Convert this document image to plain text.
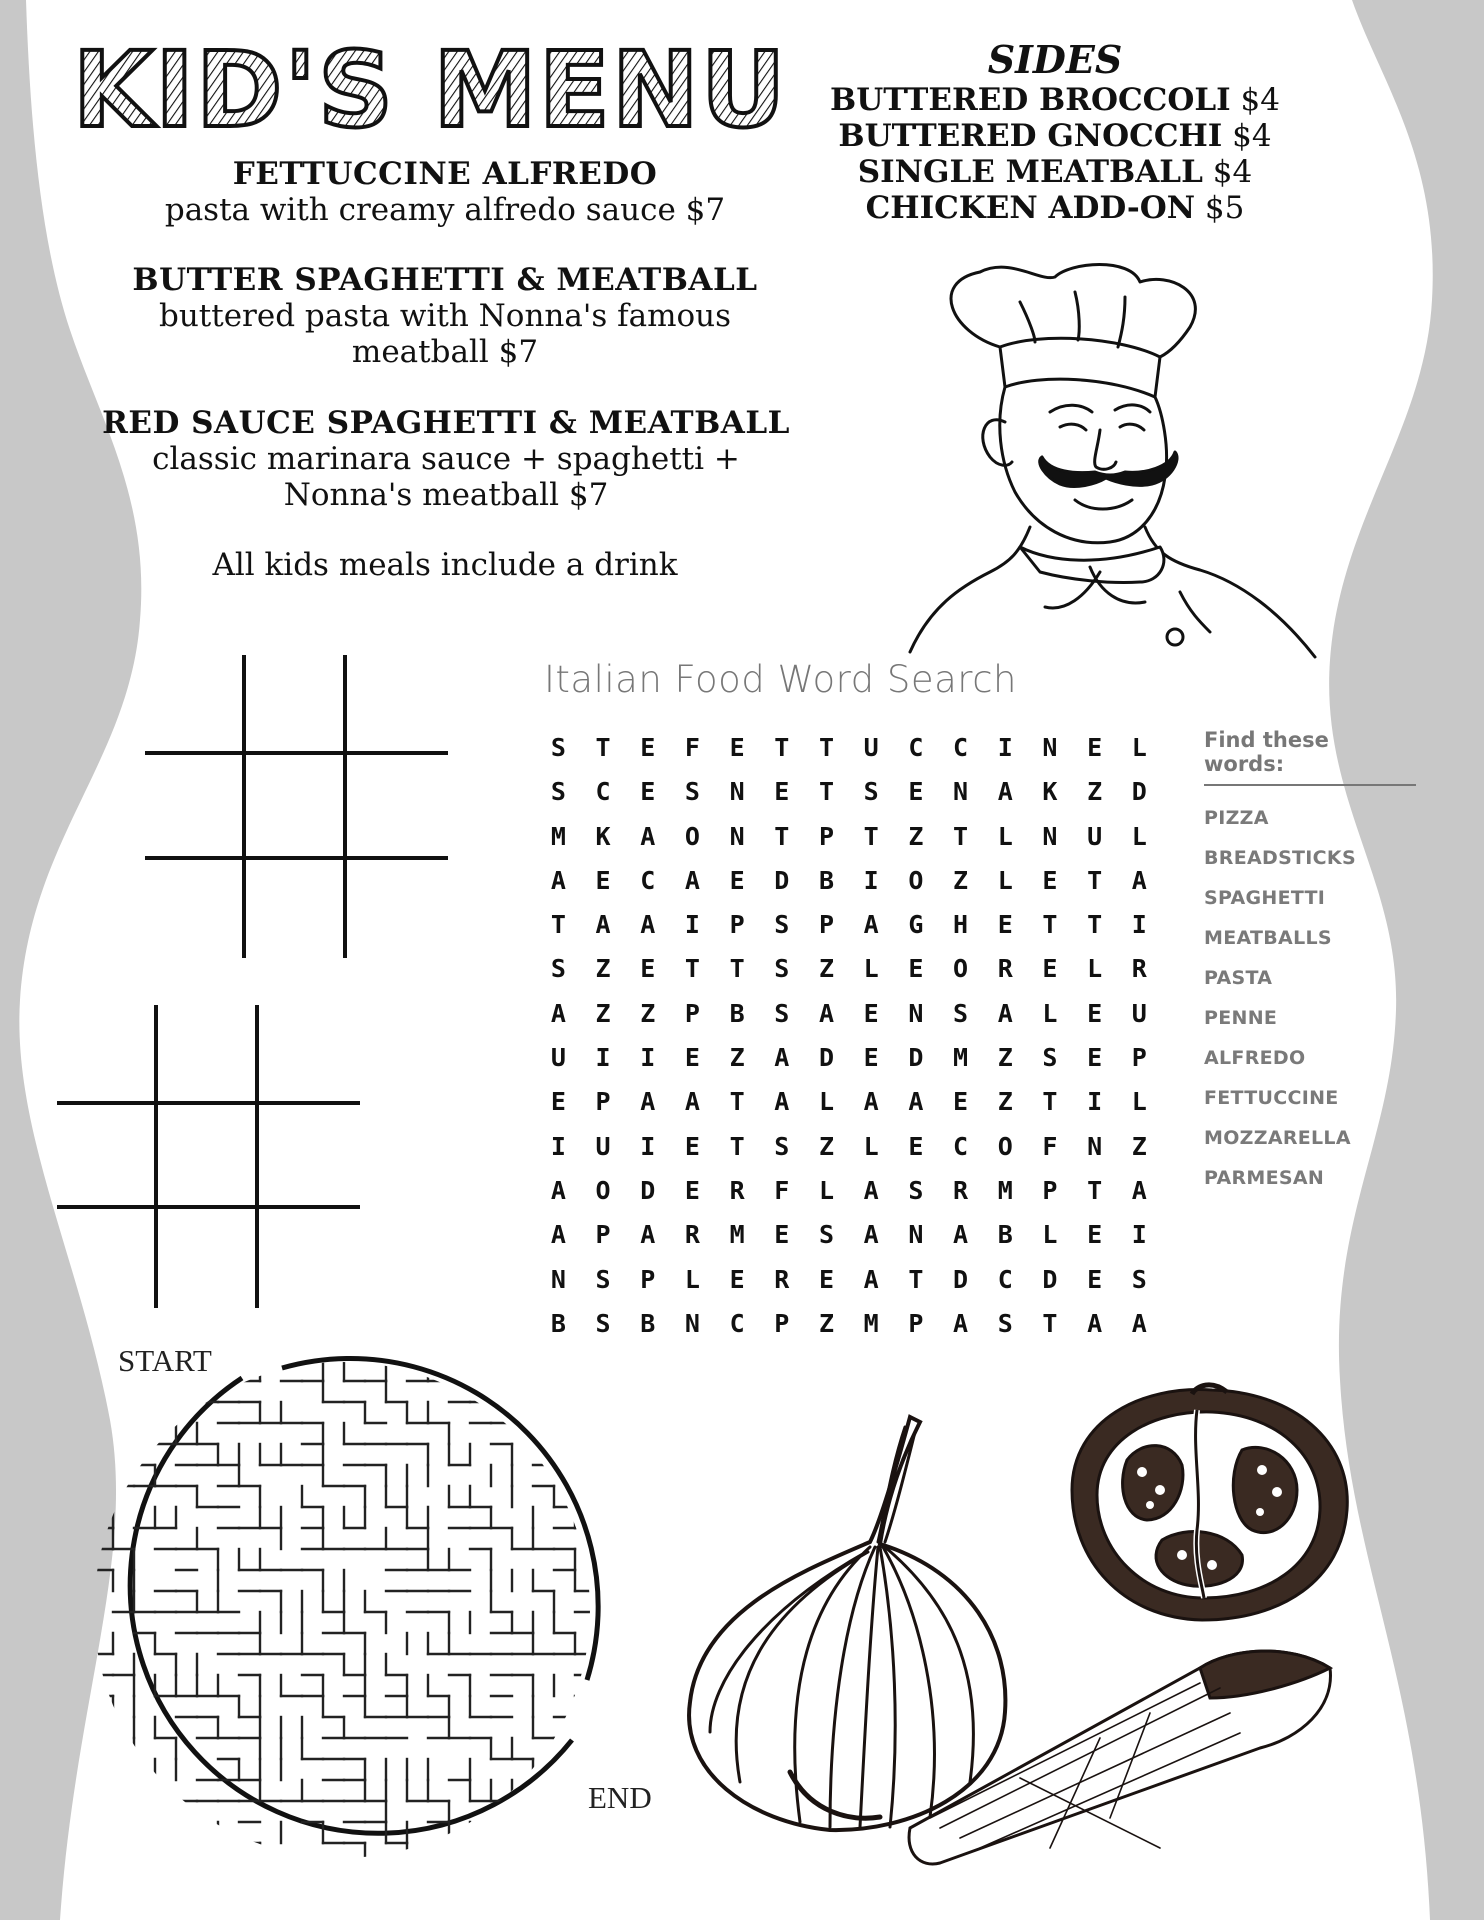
KID'S MENU
FETTUCCINE ALFREDO
pasta with creamy alfredo sauce $7
BUTTER SPAGHETTI & MEATBALL
buttered pasta with Nonna's famous
meatball $7
RED SAUCE SPAGHETTI & MEATBALL
classic marinara sauce + spaghetti +
Nonna's meatball $7
All kids meals include a drink
SIDES
BUTTERED BROCCOLI $4
BUTTERED GNOCCHI $4
SINGLE MEATBALL $4
CHICKEN ADD-ON $5
Italian Food Word Search
S	T	E	F	E	T	T	U	C	C	I	N	E	L
S	C	E	S	N	E	T	S	E	N	A	K	Z	D
M	K	A	O	N	T	P	T	Z	T	L	N	U	L
A	E	C	A	E	D	B	I	O	Z	L	E	T	A
T	A	A	I	P	S	P	A	G	H	E	T	T	I
S	Z	E	T	T	S	Z	L	E	O	R	E	L	R
A	Z	Z	P	B	S	A	E	N	S	A	L	E	U
U	I	I	E	Z	A	D	E	D	M	Z	S	E	P
E	P	A	A	T	A	L	A	A	E	Z	T	I	L
I	U	I	E	T	S	Z	L	E	C	O	F	N	Z
A	O	D	E	R	F	L	A	S	R	M	P	T	A
A	P	A	R	M	E	S	A	N	A	B	L	E	I
N	S	P	L	E	R	E	A	T	D	C	D	E	S
B	S	B	N	C	P	Z	M	P	A	S	T	A	A
Find these words:
PIZZA
BREADSTICKS
SPAGHETTI
MEATBALLS
PASTA
PENNE
ALFREDO
FETTUCCINE
MOZZARELLA
PARMESAN
START
END
